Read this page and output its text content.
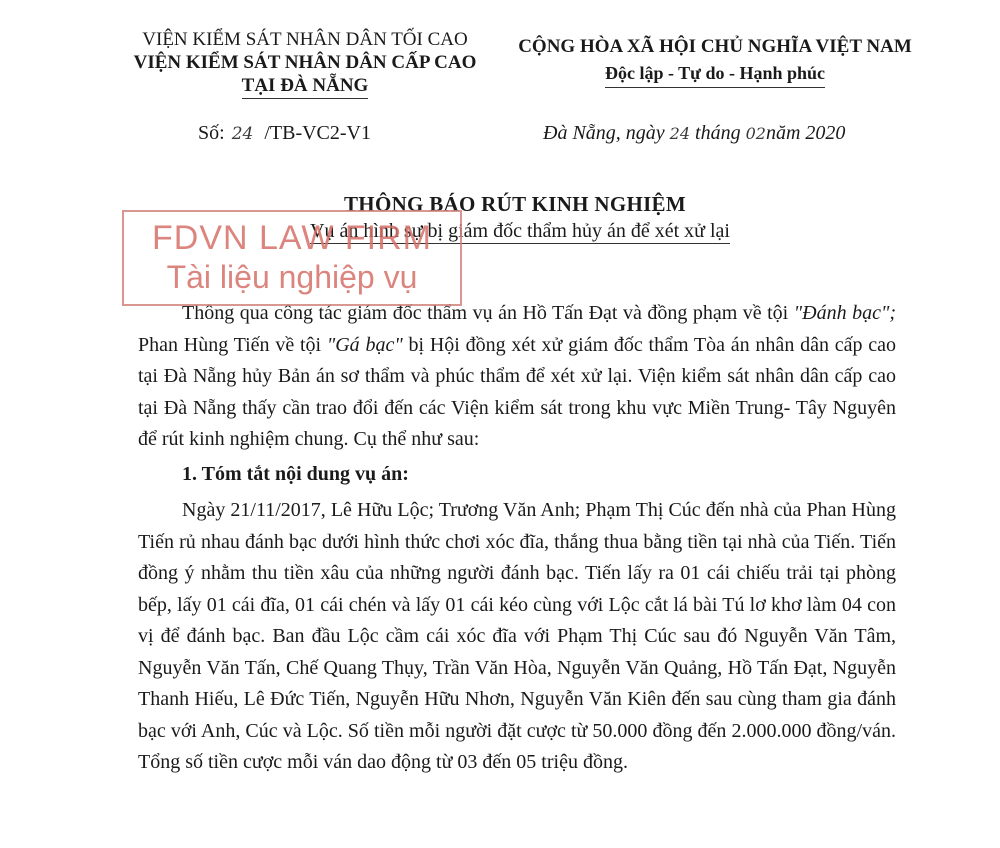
VIỆN KIỂM SÁT NHÂN DÂN TỐI CAO
VIỆN KIỂM SÁT NHÂN DÂN CẤP CAO
TẠI ĐÀ NẴNG
CỘNG HÒA XÃ HỘI CHỦ NGHĨA VIỆT NAM
Độc lập - Tự do - Hạnh phúc
Số: 24 /TB-VC2-V1	Đà Nẵng, ngày 24 tháng 02năm 2020
THÔNG BÁO RÚT KINH NGHIỆM
Vụ án hình sự bị giám đốc thẩm hủy án để xét xử lại

Thông qua công tác giám đốc thẩm vụ án Hồ Tấn Đạt và đồng phạm về tội "Đánh bạc"; Phan Hùng Tiến về tội "Gá bạc" bị Hội đồng xét xử giám đốc thẩm Tòa án nhân dân cấp cao tại Đà Nẵng hủy Bản án sơ thẩm và phúc thẩm để xét xử lại. Viện kiểm sát nhân dân cấp cao tại Đà Nẵng thấy cần trao đổi đến các Viện kiểm sát trong khu vực Miền Trung- Tây Nguyên để rút kinh nghiệm chung. Cụ thể như sau:

1. Tóm tắt nội dung vụ án:

Ngày 21/11/2017, Lê Hữu Lộc; Trương Văn Anh; Phạm Thị Cúc đến nhà của Phan Hùng Tiến rủ nhau đánh bạc dưới hình thức chơi xóc đĩa, thắng thua bằng tiền tại nhà của Tiến. Tiến đồng ý nhằm thu tiền xâu của những người đánh bạc. Tiến lấy ra 01 cái chiếu trải tại phòng bếp, lấy 01 cái đĩa, 01 cái chén và lấy 01 cái kéo cùng với Lộc cắt lá bài Tú lơ khơ làm 04 con vị để đánh bạc. Ban đầu Lộc cầm cái xóc đĩa với Phạm Thị Cúc sau đó Nguyễn Văn Tâm, Nguyễn Văn Tấn, Chế Quang Thụy, Trần Văn Hòa, Nguyễn Văn Quảng, Hồ Tấn Đạt, Nguyễn Thanh Hiếu, Lê Đức Tiến, Nguyễn Hữu Nhơn, Nguyễn Văn Kiên đến sau cùng tham gia đánh bạc với Anh, Cúc và Lộc. Số tiền mỗi người đặt cược từ 50.000 đồng đến 2.000.000 đồng/ván. Tổng số tiền cược mỗi ván dao động từ 03 đến 05 triệu đồng.

FDVN LAW FIRM
Tài liệu nghiệp vụ
